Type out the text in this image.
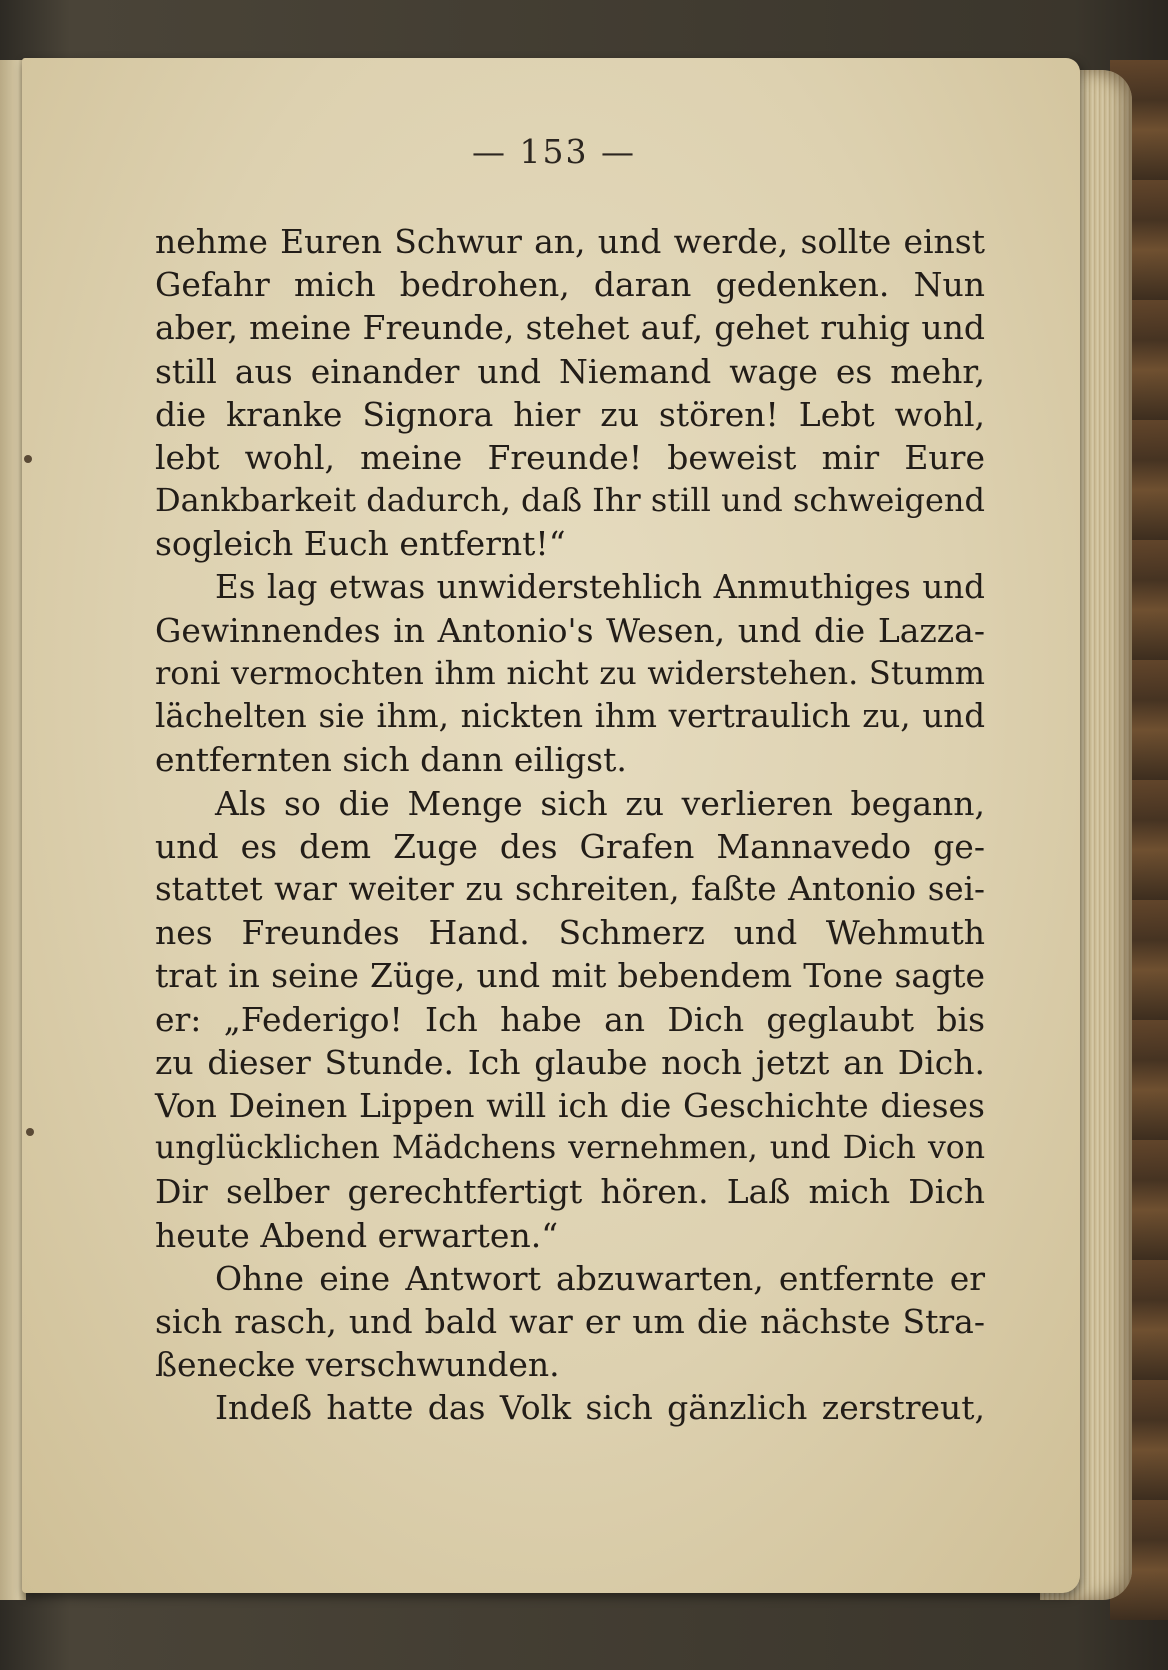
— 153 —
nehme Euren Schwur an, und werde, sollte einst
Gefahr mich bedrohen, daran gedenken. Nun
aber, meine Freunde, stehet auf, gehet ruhig und
still aus einander und Niemand wage es mehr,
die kranke Signora hier zu stören! Lebt wohl,
lebt wohl, meine Freunde! beweist mir Eure
Dankbarkeit dadurch, daß Ihr still und schweigend
sogleich Euch entfernt!“
Es lag etwas unwiderstehlich Anmuthiges und
Gewinnendes in Antonio's Wesen, und die Lazza-
roni vermochten ihm nicht zu widerstehen. Stumm
lächelten sie ihm, nickten ihm vertraulich zu, und
entfernten sich dann eiligst.
Als so die Menge sich zu verlieren begann,
und es dem Zuge des Grafen Mannavedo ge-
stattet war weiter zu schreiten, faßte Antonio sei-
nes Freundes Hand. Schmerz und Wehmuth
trat in seine Züge, und mit bebendem Tone sagte
er: „Federigo! Ich habe an Dich geglaubt bis
zu dieser Stunde. Ich glaube noch jetzt an Dich.
Von Deinen Lippen will ich die Geschichte dieses
unglücklichen Mädchens vernehmen, und Dich von
Dir selber gerechtfertigt hören. Laß mich Dich
heute Abend erwarten.“
Ohne eine Antwort abzuwarten, entfernte er
sich rasch, und bald war er um die nächste Stra-
ßenecke verschwunden.
Indeß hatte das Volk sich gänzlich zerstreut,
